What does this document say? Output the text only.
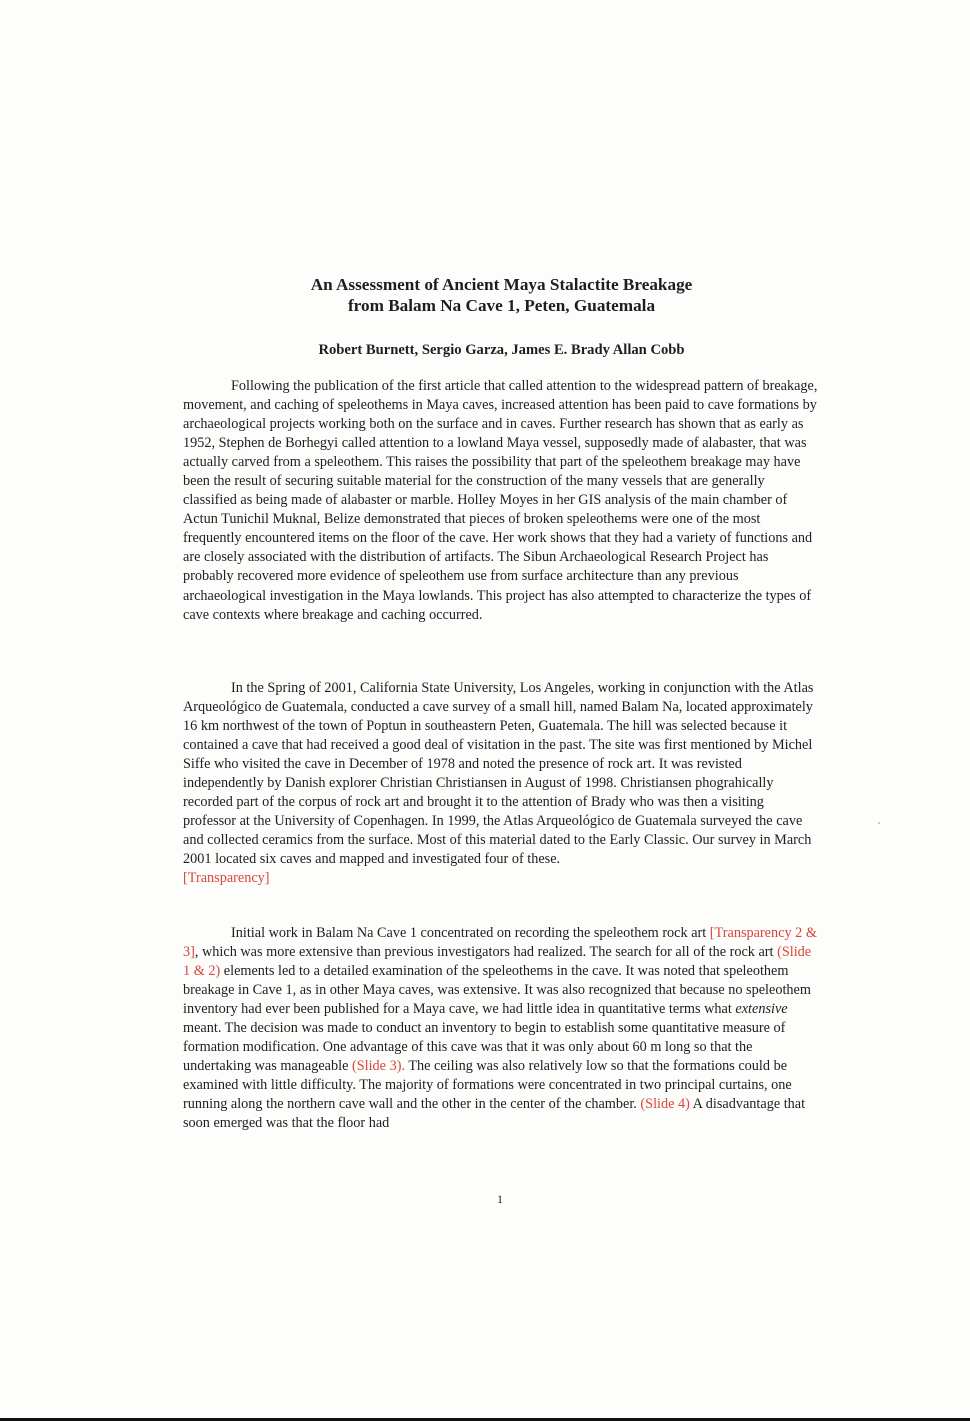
An Assessment of Ancient Maya Stalactite Breakage
from Balam Na Cave 1, Peten, Guatemala

Robert Burnett, Sergio Garza, James E. Brady Allan Cobb

Following the publication of the first article that called attention to the widespread pattern of breakage, movement, and caching of speleothems in Maya caves, increased attention has been paid to cave formations by archaeological projects working both on the surface and in caves. Further research has shown that as early as 1952, Stephen de Borhegyi called attention to a lowland Maya vessel, supposedly made of alabaster, that was actually carved from a speleothem. This raises the possibility that part of the speleothem breakage may have been the result of securing suitable material for the construction of the many vessels that are generally classified as being made of alabaster or marble. Holley Moyes in her GIS analysis of the main chamber of Actun Tunichil Muknal, Belize demonstrated that pieces of broken speleothems were one of the most frequently encountered items on the floor of the cave. Her work shows that they had a variety of functions and are closely associated with the distribution of artifacts. The Sibun Archaeological Research Project has probably recovered more evidence of speleothem use from surface architecture than any previous archaeological investigation in the Maya lowlands. This project has also attempted to characterize the types of cave contexts where breakage and caching occurred.

In the Spring of 2001, California State University, Los Angeles, working in conjunction with the Atlas Arqueológico de Guatemala, conducted a cave survey of a small hill, named Balam Na, located approximately 16 km northwest of the town of Poptun in southeastern Peten, Guatemala. The hill was selected because it contained a cave that had received a good deal of visitation in the past. The site was first mentioned by Michel Siffe who visited the cave in December of 1978 and noted the presence of rock art. It was revisted independently by Danish explorer Christian Christiansen in August of 1998. Christiansen phograhically recorded part of the corpus of rock art and brought it to the attention of Brady who was then a visiting professor at the University of Copenhagen. In 1999, the Atlas Arqueológico de Guatemala surveyed the cave and collected ceramics from the surface. Most of this material dated to the Early Classic. Our survey in March 2001 located six caves and mapped and investigated four of these.
[Transparency]

Initial work in Balam Na Cave 1 concentrated on recording the speleothem rock art [Transparency 2 & 3], which was more extensive than previous investigators had realized. The search for all of the rock art (Slide 1 & 2) elements led to a detailed examination of the speleothems in the cave. It was noted that speleothem breakage in Cave 1, as in other Maya caves, was extensive. It was also recognized that because no speleothem inventory had ever been published for a Maya cave, we had little idea in quantitative terms what extensive meant. The decision was made to conduct an inventory to begin to establish some quantitative measure of formation modification. One advantage of this cave was that it was only about 60 m long so that the undertaking was manageable (Slide 3). The ceiling was also relatively low so that the formations could be examined with little difficulty. The majority of formations were concentrated in two principal curtains, one running along the northern cave wall and the other in the center of the chamber. (Slide 4) A disadvantage that soon emerged was that the floor had

1
